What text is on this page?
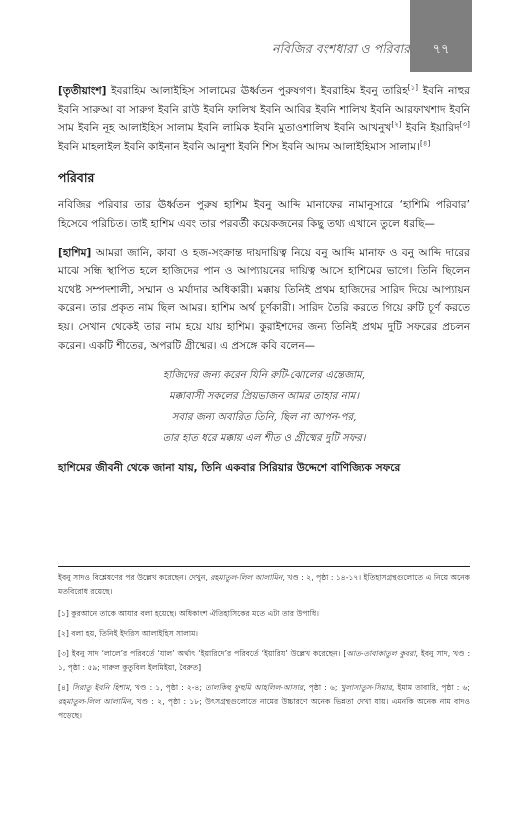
নবিজির বংশধারা ও পরিবার	৭৭

[তৃতীয়াংশ] ইবরাহিম আলাইহিস সালামের ঊর্ধ্বতন পুরুষগণ। ইবরাহিম ইবনু তারিহ[১] ইবনি নাহুর ইবনি সারুআ বা সারুগ ইবনি রাউ ইবনি ফালিখ ইবনি আবির ইবনি শালিখ ইবনি আরফাখশাদ ইবনি সাম ইবনি নূহ আলাইহিস সালাম ইবনি লামিক ইবনি মুতাওশালিখ ইবনি আখনুখ[২] ইবনি ইয়ারিদ[৩] ইবনি মাহলাইল ইবনি কাইনান ইবনি আনুশা ইবনি শিস ইবনি আদম আলাইহিমাস সালাম।[৪]

পরিবার

নবিজির পরিবার তার ঊর্ধ্বতন পুরুষ হাশিম ইবনু আব্দি মানাফের নামানুসারে ‘হাশিমি পরিবার’ হিসেবে পরিচিত। তাই হাশিম এবং তার পরবর্তী কয়েকজনের কিছু তথ্য এখানে তুলে ধরছি—

[হাশিম] আমরা জানি, কাবা ও হজ-সংক্রান্ত দায়দায়িত্ব নিয়ে বনু আব্দি মানাফ ও বনু আব্দি দারের মাঝে সন্ধি স্থাপিত হলে হাজিদের পান ও আপ্যায়নের দায়িত্ব আসে হাশিমের ভাগে। তিনি ছিলেন যথেষ্ট সম্পদশালী, সম্মান ও মর্যাদার অধিকারী। মক্কায় তিনিই প্রথম হাজিদের সারিদ দিয়ে আপ্যায়ন করেন। তার প্রকৃত নাম ছিল আমর। হাশিম অর্থ চূর্ণকারী। সারিদ তৈরি করতে গিয়ে রুটি চূর্ণ করতে হয়। সেখান থেকেই তার নাম হয়ে যায় হাশিম। কুরাইশদের জন্য তিনিই প্রথম দুটি সফরের প্রচলন করেন। একটি শীতের, অপরটি গ্রীষ্মের। এ প্রসঙ্গে কবি বলেন—

হাজিদের জন্য করেন যিনি রুটি-ঝোলের এন্তেজাম,
মক্কাবাসী সকলের প্রিয়ভাজন আমর তাহার নাম।
সবার জন্য অবারিত তিনি, ছিল না আপন-পর,
তার হাত ধরে মক্কায় এল শীত ও গ্রীষ্মের দুটি সফর।

হাশিমের জীবনী থেকে জানা যায়, তিনি একবার সিরিয়ার উদ্দেশে বাণিজ্যিক সফরে

ইবনু সাদও বিশ্লেষণের পর উল্লেখ করেছেন। দেখুন, রহমাতুল-লিল আলামিন, খণ্ড : ২, পৃষ্ঠা : ১৪-১৭। ইতিহাসগ্রন্থগুলোতে এ নিয়ে অনেক মতবিরোধ রয়েছে।

[১] কুরআনে তাকে আযার বলা হয়েছে। অধিকাংশ ঐতিহাসিকের মতে এটা তার উপাধি।

[২] বলা হয়, তিনিই ইদরিস আলাইহিস সালাম।

[৩] ইবনু সাদ ‘লালে’র পরিবর্তে ‘যাল’ অর্থাৎ ‘ইয়ারিদে’র পরিবর্তে ‘ইয়ারিয’ উল্লেখ করেছেন। [আত-তাবাকাতুল কুবরা, ইবনু সাদ, খণ্ড : ১, পৃষ্ঠা : ৫৯; দারুল কুতুবিল ইলমিইয়া, বৈরুত]

[৪] সিরাতু ইবনি হিশাম, খণ্ড : ১, পৃষ্ঠা : ২-৪; তালকিহু ফুহুমি আহলিল-আসার, পৃষ্ঠা : ৬; খুলাসাতুস-সিয়ার, ইমাম তাবারি, পৃষ্ঠা : ৬; রহমাতুল-লিল আলামিন, খণ্ড : ২, পৃষ্ঠা : ১৮; উৎসগ্রন্থগুলোতে নামের উচ্চারণে অনেক ভিন্নতা দেখা যায়। এমনকি অনেক নাম বাদও পড়েছে।
